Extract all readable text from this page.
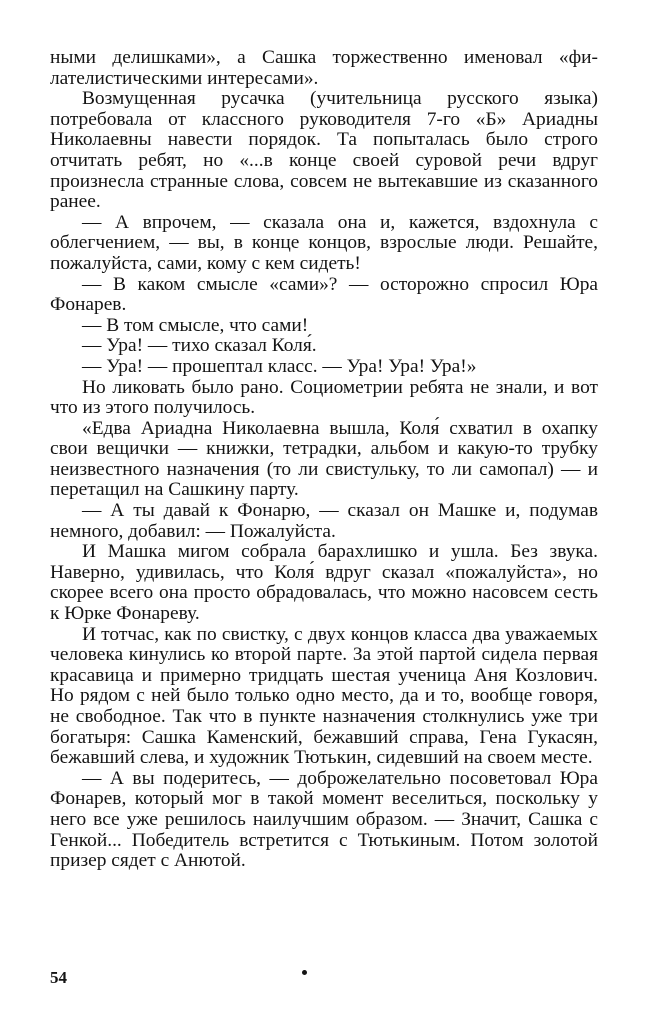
ными делишками», а Сашка торжественно именовал «филателистическими интересами».

Возмущенная русачка (учительница русского языка) потребовала от классного руководителя 7-го «Б» Ариадны Николаевны навести порядок. Та попыталась было строго отчитать ребят, но «...в конце своей суровой речи вдруг произнесла странные слова, совсем не вытекавшие из сказанного ранее.

— А впрочем, — сказала она и, кажется, вздохнула с облегчением, — вы, в конце концов, взрослые люди. Решайте, пожалуйста, сами, кому с кем сидеть!

— В каком смысле «сами»? — осторожно спросил Юра Фонарев.

— В том смысле, что сами!

— Ура! — тихо сказал Коля́.

— Ура! — прошептал класс. — Ура! Ура! Ура!»

Но ликовать было рано. Социометрии ребята не знали, и вот что из этого получилось.

«Едва Ариадна Николаевна вышла, Коля́ схватил в охапку свои вещички — книжки, тетрадки, альбом и какую-то трубку неизвестного назначения (то ли свистульку, то ли самопал) — и перетащил на Сашкину парту.

— А ты давай к Фонарю, — сказал он Машке и, подумав немного, добавил: — Пожалуйста.

И Машка мигом собрала барахлишко и ушла. Без звука. Наверно, удивилась, что Коля́ вдруг сказал «пожалуйста», но скорее всего она просто обрадовалась, что можно насовсем сесть к Юрке Фонареву.

И тотчас, как по свистку, с двух концов класса два уважаемых человека кинулись ко второй парте. За этой партой сидела первая красавица и примерно тридцать шестая ученица Аня Козлович. Но рядом с ней было только одно место, да и то, вообще говоря, не свободное. Так что в пункте назначения столкнулись уже три богатыря: Сашка Каменский, бежавший справа, Гена Гукасян, бежавший слева, и художник Тютькин, сидевший на своем месте.

— А вы подеритесь, — доброжелательно посоветовал Юра Фонарев, который мог в такой момент веселиться, поскольку у него все уже решилось наилучшим образом. — Значит, Сашка с Генкой... Победитель встретится с Тютькиным. Потом золотой призер сядет с Анютой.

54
